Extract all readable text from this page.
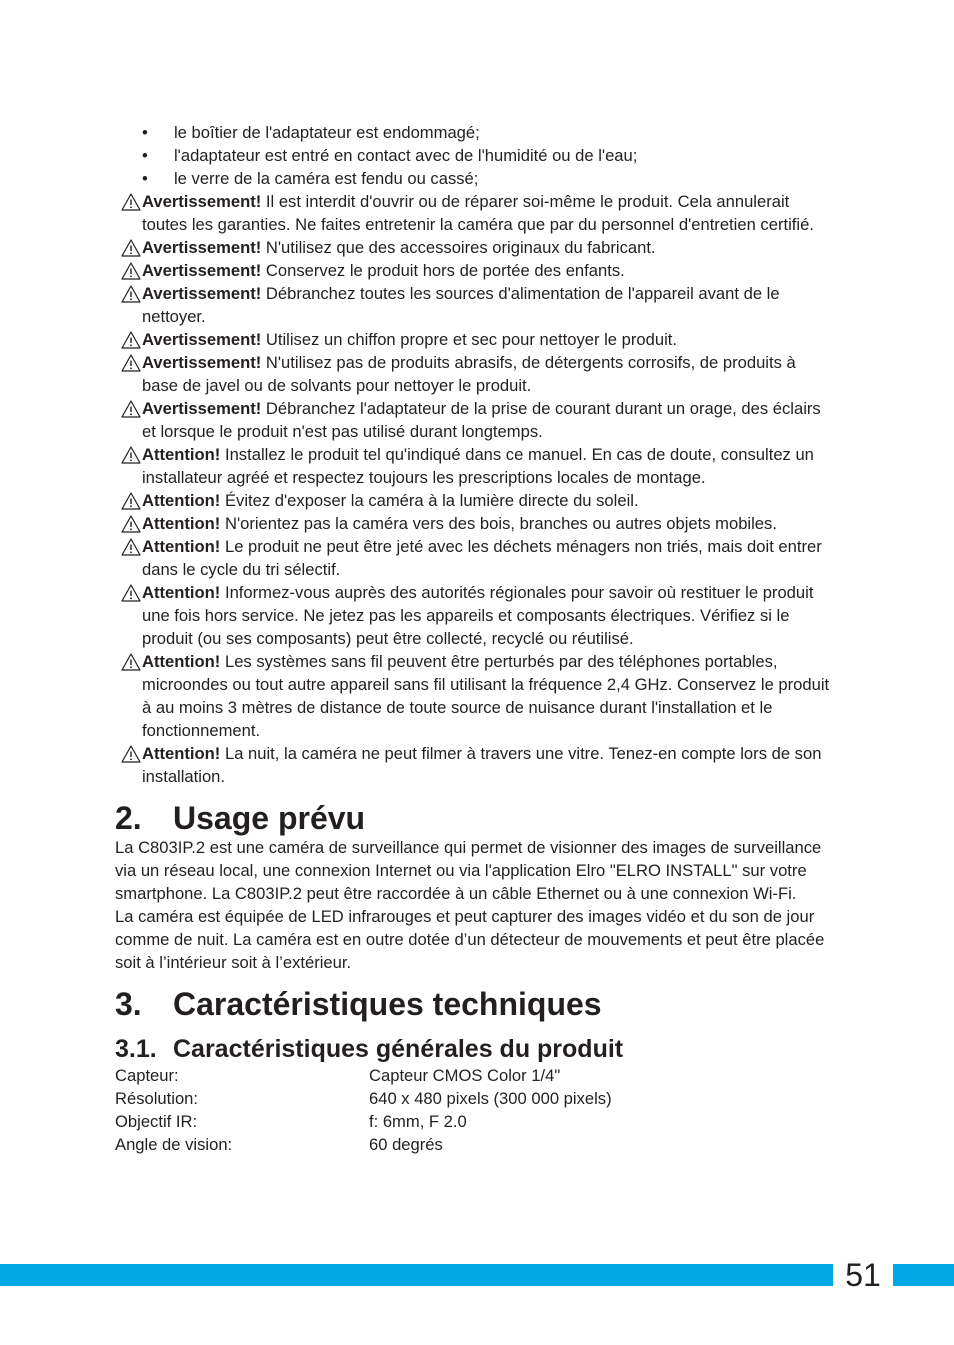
• le boîtier de l'adaptateur est endommagé;
• l'adaptateur est entré en contact avec de l'humidité ou de l'eau;
• le verre de la caméra est fendu ou cassé;
Avertissement! Il est interdit d'ouvrir ou de réparer soi-même le produit. Cela annulerait toutes les garanties. Ne faites entretenir la caméra que par du personnel d'entretien certifié.
Avertissement! N'utilisez que des accessoires originaux du fabricant.
Avertissement! Conservez le produit hors de portée des enfants.
Avertissement! Débranchez toutes les sources d'alimentation de l'appareil avant de le nettoyer.
Avertissement! Utilisez un chiffon propre et sec pour nettoyer le produit.
Avertissement! N'utilisez pas de produits abrasifs, de détergents corrosifs, de produits à base de javel ou de solvants pour nettoyer le produit.
Avertissement! Débranchez l'adaptateur de la prise de courant durant un orage, des éclairs et lorsque le produit n'est pas utilisé durant longtemps.
Attention! Installez le produit tel qu'indiqué dans ce manuel. En cas de doute, consultez un installateur agréé et respectez toujours les prescriptions locales de montage.
Attention! Évitez d'exposer la caméra à la lumière directe du soleil.
Attention! N'orientez pas la caméra vers des bois, branches ou autres objets mobiles.
Attention! Le produit ne peut être jeté avec les déchets ménagers non triés, mais doit entrer dans le cycle du tri sélectif.
Attention! Informez-vous auprès des autorités régionales pour savoir où restituer le produit une fois hors service. Ne jetez pas les appareils et composants électriques. Vérifiez si le produit (ou ses composants) peut être collecté, recyclé ou réutilisé.
Attention! Les systèmes sans fil peuvent être perturbés par des téléphones portables, microondes ou tout autre appareil sans fil utilisant la fréquence 2,4 GHz. Conservez le produit à au moins 3 mètres de distance de toute source de nuisance durant l'installation et le fonctionnement.
Attention! La nuit, la caméra ne peut filmer à travers une vitre. Tenez-en compte lors de son installation.
2. Usage prévu

La C803IP.2 est une caméra de surveillance qui permet de visionner des images de surveillance via un réseau local, une connexion Internet ou via l'application Elro "ELRO INSTALL" sur votre smartphone. La C803IP.2 peut être raccordée à un câble Ethernet ou à une connexion Wi-Fi.

La caméra est équipée de LED infrarouges et peut capturer des images vidéo et du son de jour comme de nuit. La caméra est en outre dotée d’un détecteur de mouvements et peut être placée soit à l’intérieur soit à l’extérieur.

3. Caractéristiques techniques
3.1. Caractéristiques générales du produit
Capteur:	Capteur CMOS Color 1/4"
Résolution:	640 x 480 pixels (300 000 pixels)
Objectif IR:	f: 6mm, F 2.0
Angle de vision:	60 degrés
51
